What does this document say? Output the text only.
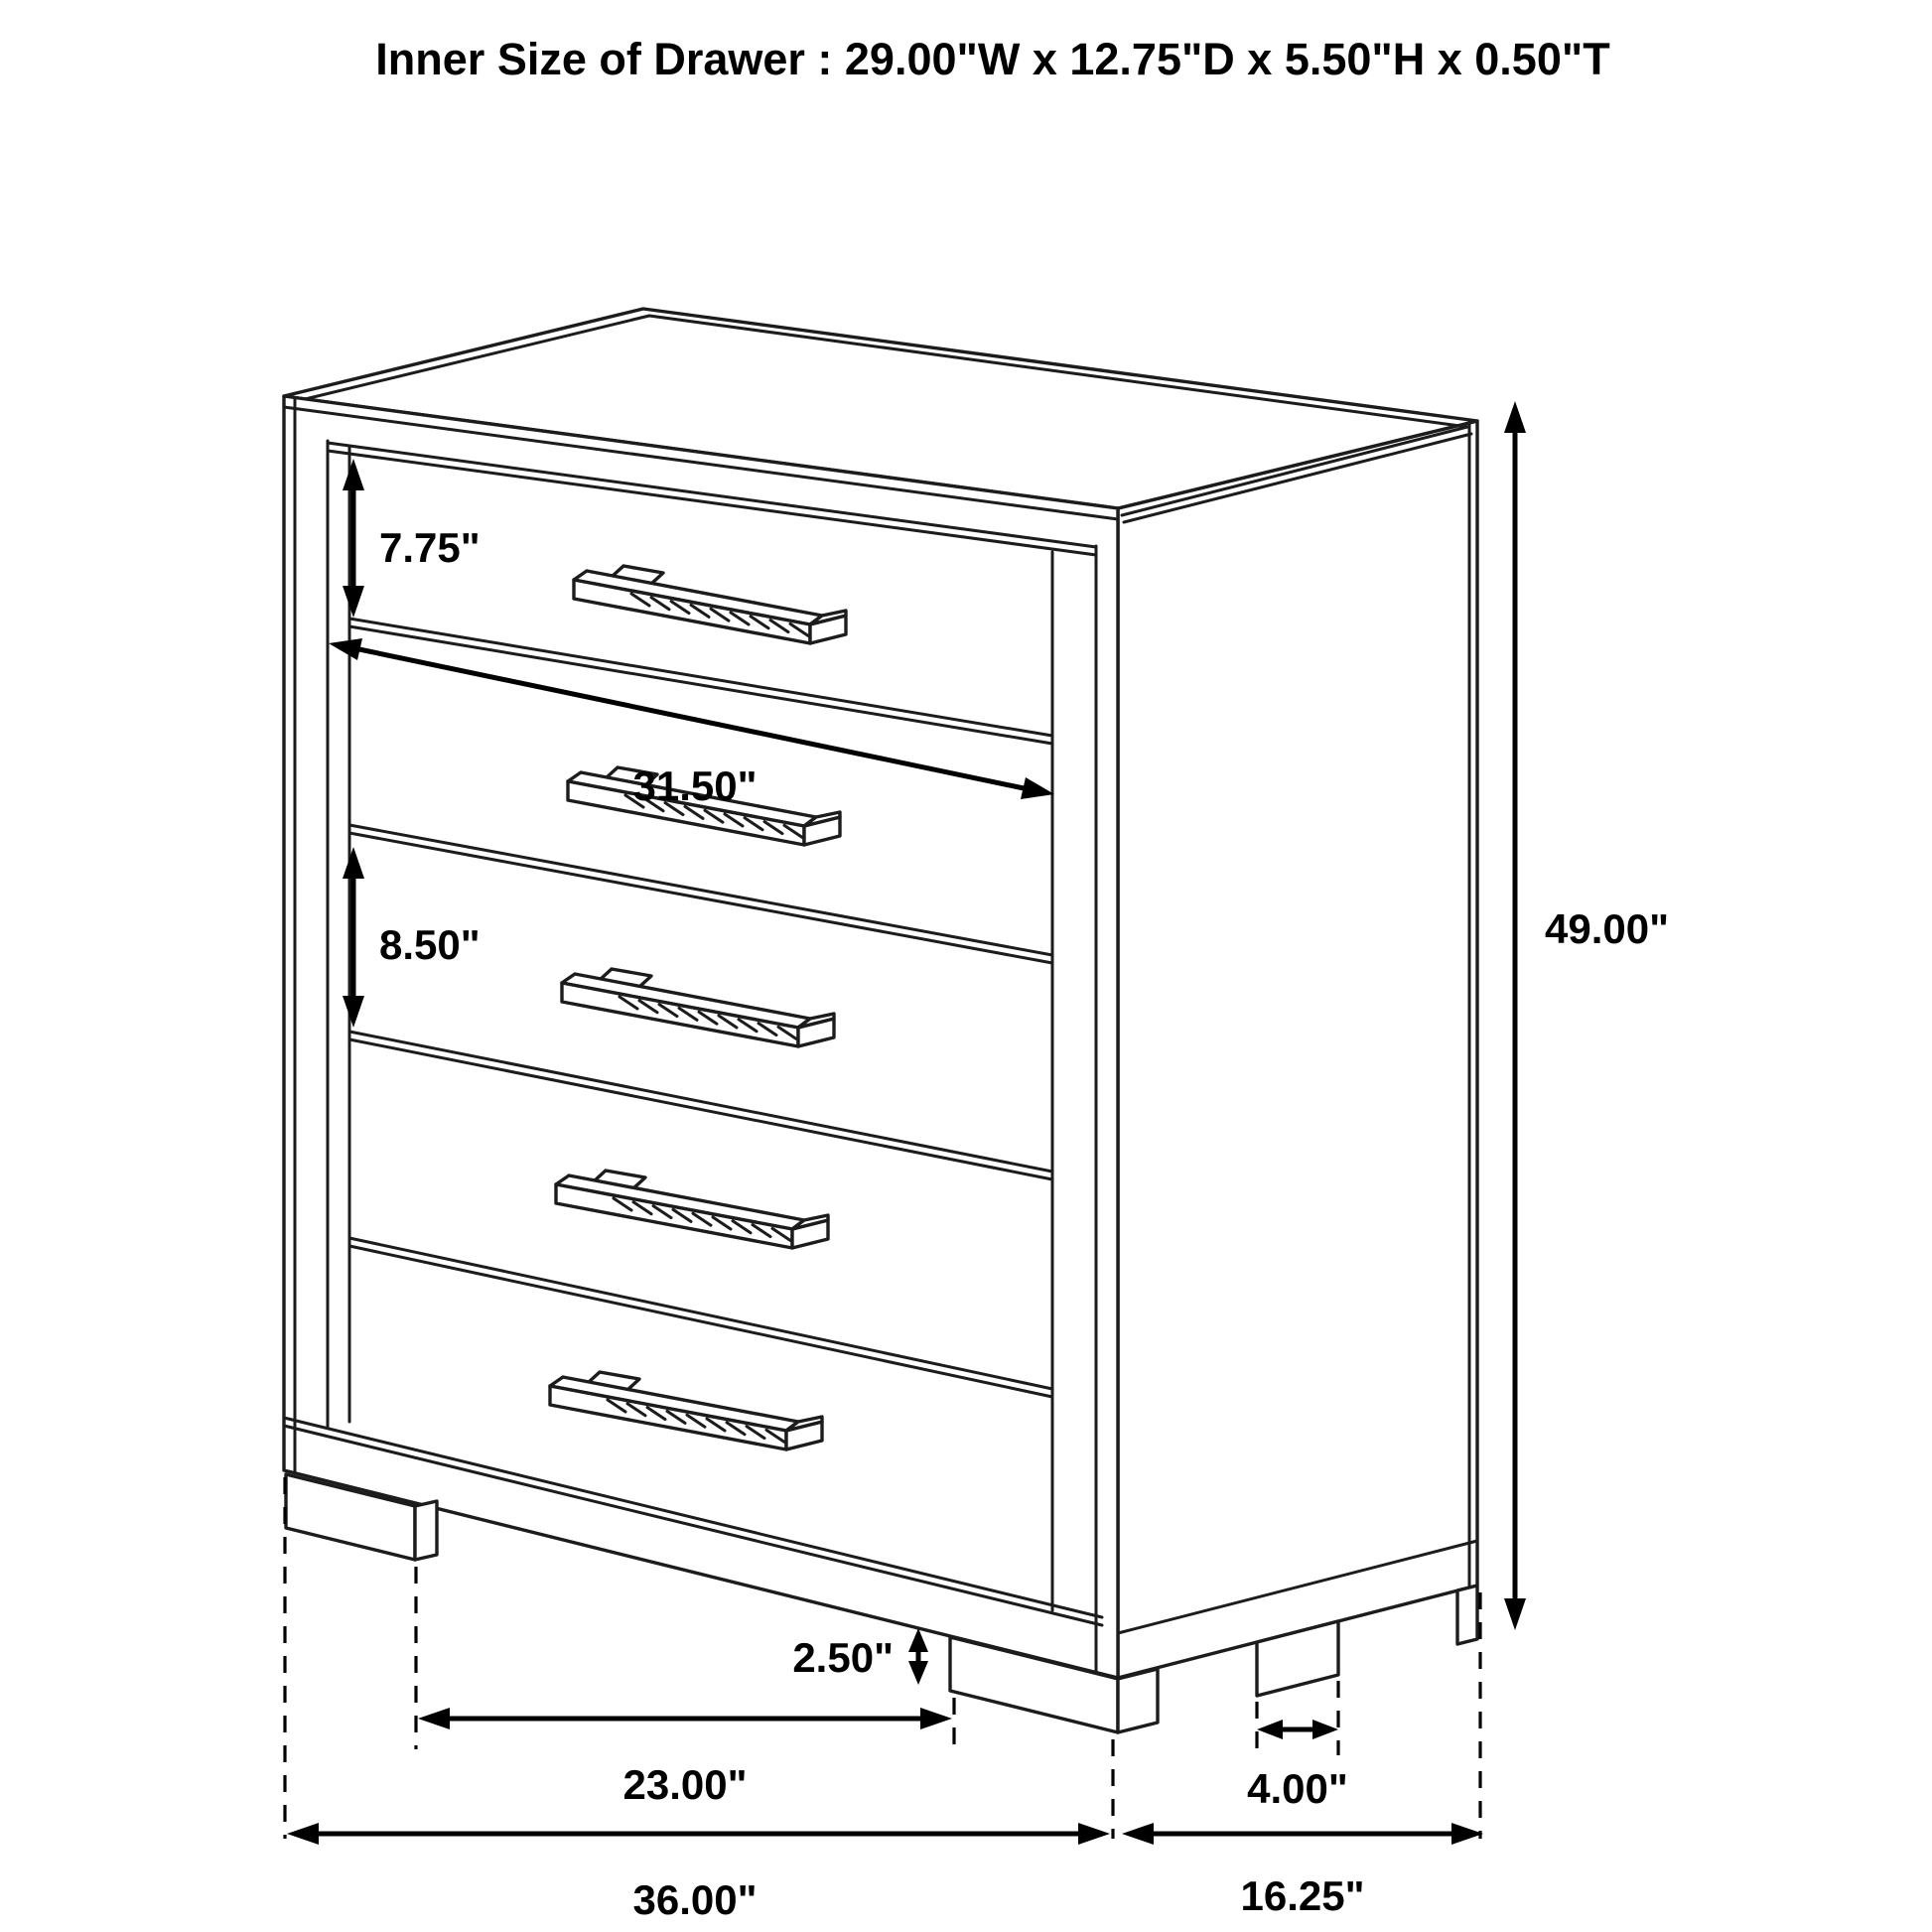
Inner Size of Drawer : 29.00"W x 12.75"D x 5.50"H x 0.50"T
7.75"
31.50"
8.50"	49.00"
2.50"
23.00"	4.00"
36.00"	16.25"
